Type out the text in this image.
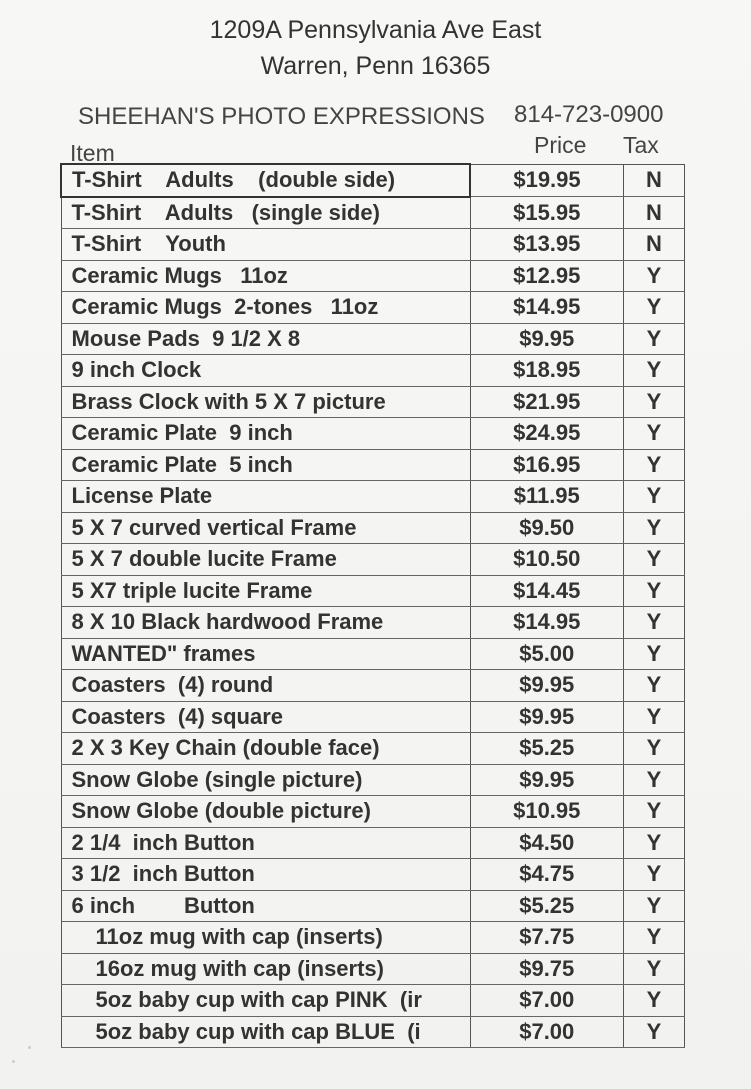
1209A Pennsylvania Ave East
Warren, Penn 16365
SHEEHAN'S PHOTO EXPRESSIONS 814-723-0900
Item	Price Tax
T-Shirt    Adults    (double side)	$19.95	N
T-Shirt    Adults   (single side)	$15.95	N
T-Shirt    Youth	$13.95	N
Ceramic Mugs   11oz	$12.95	Y
Ceramic Mugs  2-tones   11oz	$14.95	Y
Mouse Pads  9 1/2 X 8	$9.95	Y
9 inch Clock	$18.95	Y
Brass Clock with 5 X 7 picture	$21.95	Y
Ceramic Plate  9 inch	$24.95	Y
Ceramic Plate  5 inch	$16.95	Y
License Plate	$11.95	Y
5 X 7 curved vertical Frame	$9.50	Y
5 X 7 double lucite Frame	$10.50	Y
5 X7 triple lucite Frame	$14.45	Y
8 X 10 Black hardwood Frame	$14.95	Y
WANTED" frames	$5.00	Y
Coasters  (4) round	$9.95	Y
Coasters  (4) square	$9.95	Y
2 X 3 Key Chain (double face)	$5.25	Y
Snow Globe (single picture)	$9.95	Y
Snow Globe (double picture)	$10.95	Y
2 1/4  inch Button	$4.50	Y
3 1/2  inch Button	$4.75	Y
6 inch        Button	$5.25	Y
11oz mug with cap (inserts)	$7.75	Y
16oz mug with cap (inserts)	$9.75	Y
5oz baby cup with cap PINK  (ir	$7.00	Y
5oz baby cup with cap BLUE  (i	$7.00	Y
